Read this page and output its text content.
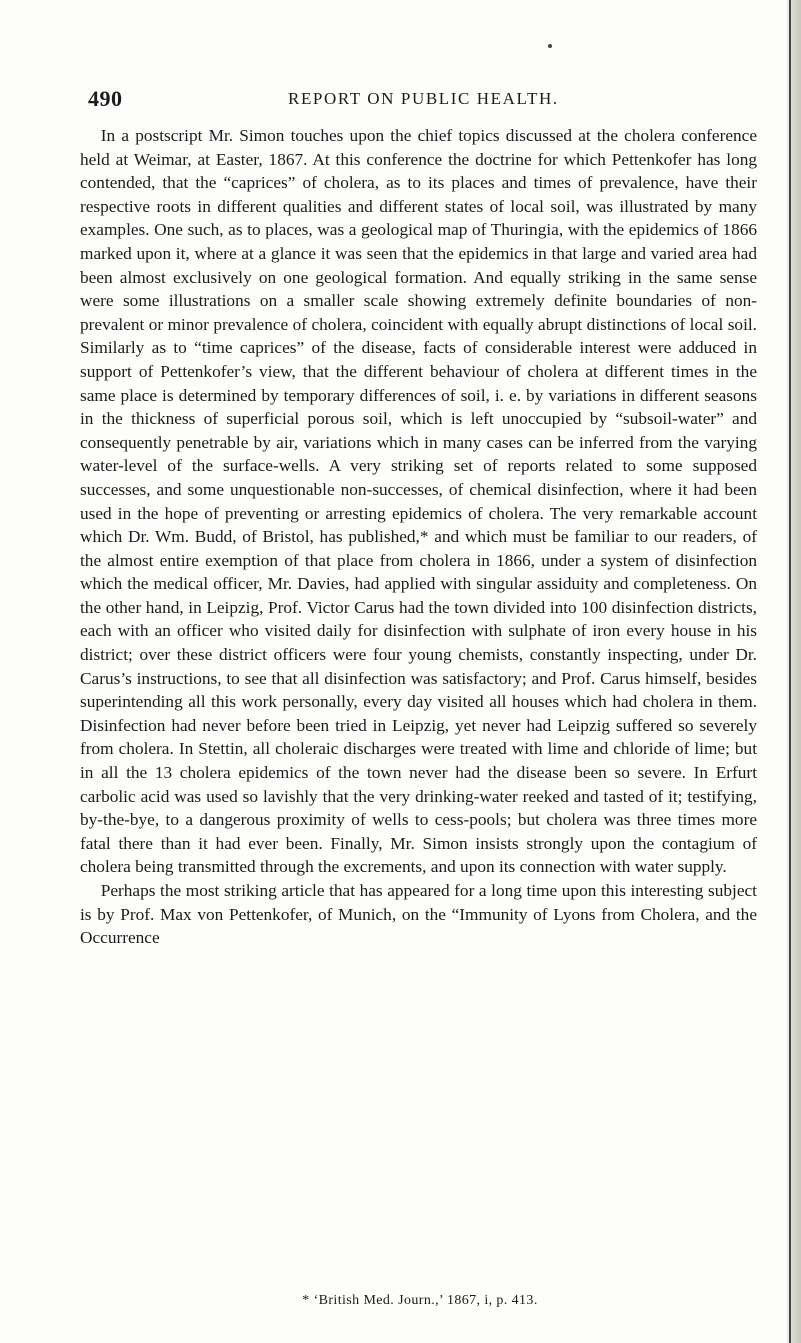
490	REPORT ON PUBLIC HEALTH.

In a postscript Mr. Simon touches upon the chief topics discussed at the cholera conference held at Weimar, at Easter, 1867. At this conference the doctrine for which Pettenkofer has long contended, that the “caprices” of cholera, as to its places and times of prevalence, have their respective roots in different qualities and different states of local soil, was illustrated by many examples. One such, as to places, was a geological map of Thuringia, with the epidemics of 1866 marked upon it, where at a glance it was seen that the epidemics in that large and varied area had been almost exclusively on one geological formation. And equally striking in the same sense were some illustrations on a smaller scale showing extremely definite boundaries of non-prevalent or minor prevalence of cholera, coincident with equally abrupt distinctions of local soil. Similarly as to “time caprices” of the disease, facts of considerable interest were adduced in support of Pettenkofer’s view, that the different behaviour of cholera at different times in the same place is determined by temporary differences of soil, i. e. by variations in different seasons in the thickness of superficial porous soil, which is left unoccupied by “subsoil-water” and consequently penetrable by air, variations which in many cases can be inferred from the varying water-level of the surface-wells. A very striking set of reports related to some supposed successes, and some unquestionable non-successes, of chemical disinfection, where it had been used in the hope of preventing or arresting epidemics of cholera. The very remarkable account which Dr. Wm. Budd, of Bristol, has published,* and which must be familiar to our readers, of the almost entire exemption of that place from cholera in 1866, under a system of disinfection which the medical officer, Mr. Davies, had applied with singular assiduity and completeness. On the other hand, in Leipzig, Prof. Victor Carus had the town divided into 100 disinfection districts, each with an officer who visited daily for disinfection with sulphate of iron every house in his district; over these district officers were four young chemists, constantly inspecting, under Dr. Carus’s instructions, to see that all disinfection was satisfactory; and Prof. Carus himself, besides superintending all this work personally, every day visited all houses which had cholera in them. Disinfection had never before been tried in Leipzig, yet never had Leipzig suffered so severely from cholera. In Stettin, all choleraic discharges were treated with lime and chloride of lime; but in all the 13 cholera epidemics of the town never had the disease been so severe. In Erfurt carbolic acid was used so lavishly that the very drinking-water reeked and tasted of it; testifying, by-the-bye, to a dangerous proximity of wells to cess-pools; but cholera was three times more fatal there than it had ever been. Finally, Mr. Simon insists strongly upon the contagium of cholera being transmitted through the excrements, and upon its connection with water supply.

Perhaps the most striking article that has appeared for a long time upon this interesting subject is by Prof. Max von Pettenkofer, of Munich, on the “Immunity of Lyons from Cholera, and the Occurrence

* ‘British Med. Journ.,’ 1867, i, p. 413.
